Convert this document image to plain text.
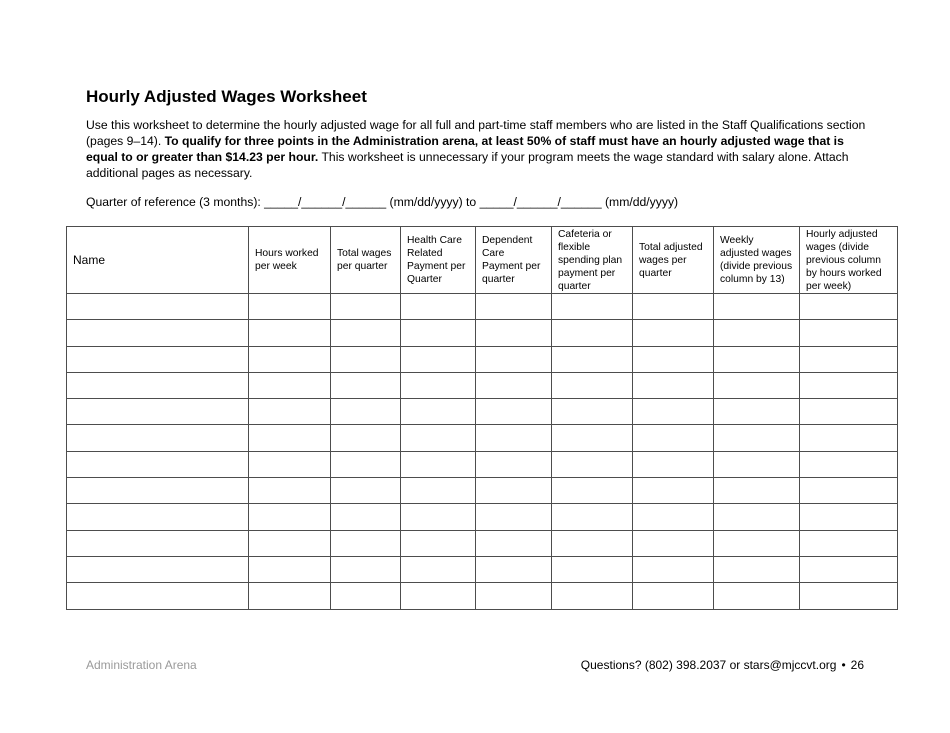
Hourly Adjusted Wages Worksheet

Use this worksheet to determine the hourly adjusted wage for all full and part-time staff members who are listed in the Staff Qualifications section (pages 9–14). To qualify for three points in the Administration arena, at least 50% of staff must have an hourly adjusted wage that is equal to or greater than $14.23 per hour. This worksheet is unnecessary if your program meets the wage standard with salary alone. Attach additional pages as necessary.

Quarter of reference (3 months): _____/______/______ (mm/dd/yyyy) to _____/______/______ (mm/dd/yyyy)
Name	Hours worked per week	Total wages per quarter	Health Care Related Payment per Quarter	Dependent Care Payment per quarter	Cafeteria or flexible spending plan payment per quarter	Total adjusted wages per quarter	Weekly adjusted wages (divide previous column by 13)	Hourly adjusted wages (divide previous column by hours worked per week)

Administration Arena	Questions? (802) 398.2037 or stars@mjccvt.org • 26
